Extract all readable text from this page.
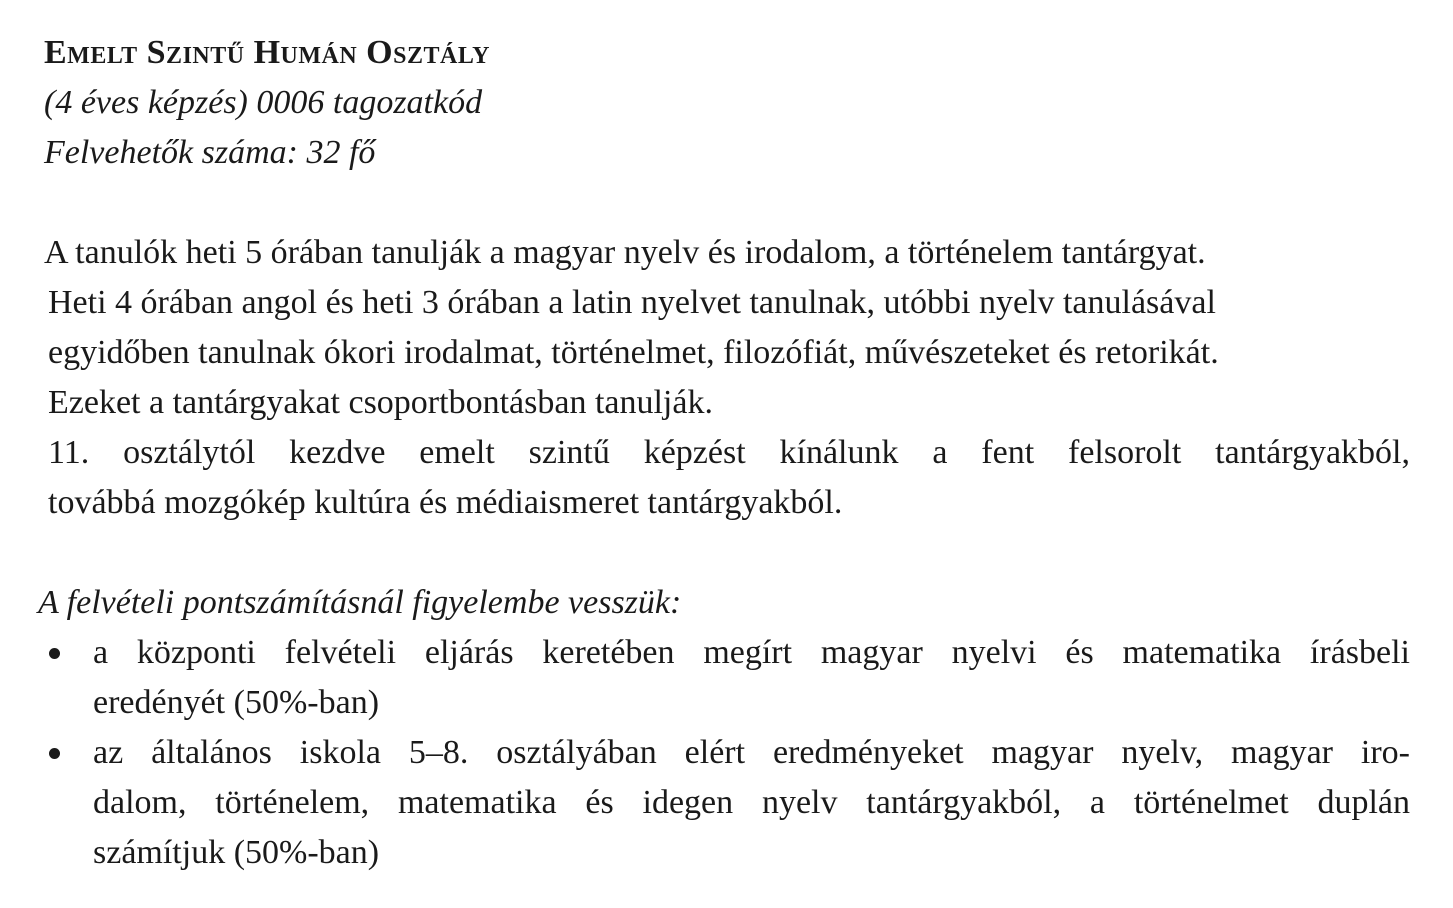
Emelt Szintű Humán Osztály

(4 éves képzés) 0006 tagozatkód

Felvehetők száma: 32 fő

A tanulók heti 5 órában tanulják a magyar nyelv és irodalom, a történelem tantárgyat.

Heti 4 órában angol és heti 3 órában a latin nyelvet tanulnak, utóbbi nyelv tanulásával

egyidőben tanulnak ókori irodalmat, történelmet, filozófiát, művészeteket és retorikát.

Ezeket a tantárgyakat csoportbontásban tanulják.

11. osztálytól kezdve emelt szintű képzést kínálunk a fent felsorolt tantárgyakból,

továbbá mozgókép kultúra és médiaismeret tantárgyakból.

A felvételi pontszámításnál figyelembe vesszük:

a központi felvételi eljárás keretében megírt magyar nyelvi és matematika írásbeli
eredényét (50%-ban)
az általános iskola 5–8. osztályában elért eredményeket magyar nyelv, magyar iro-
dalom, történelem, matematika és idegen nyelv tantárgyakból, a történelmet duplán
számítjuk (50%-ban)
